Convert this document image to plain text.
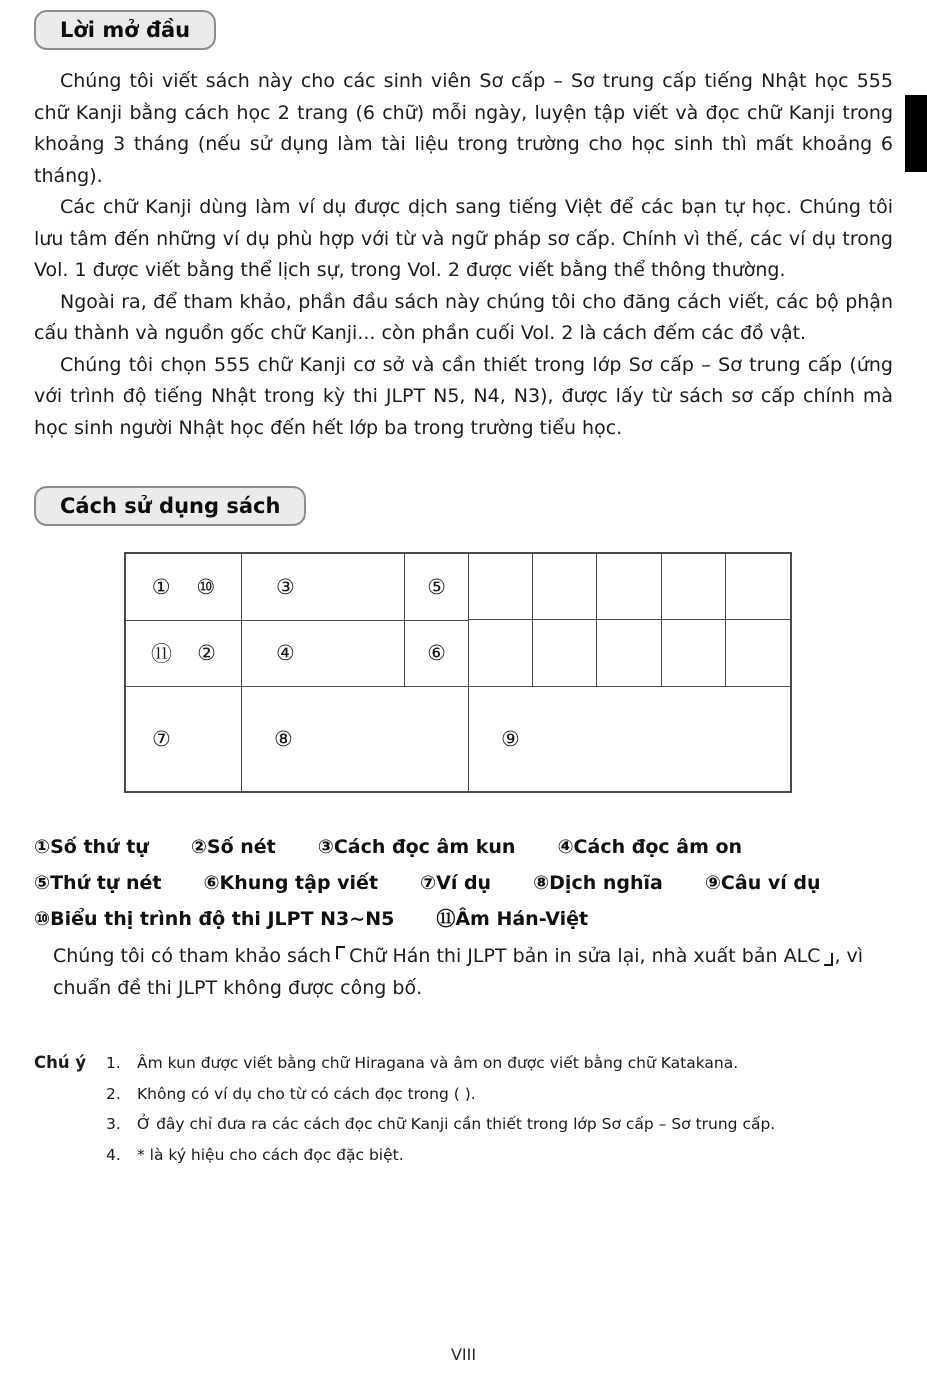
Lời mở đầu

Chúng tôi viết sách này cho các sinh viên Sơ cấp – Sơ trung cấp tiếng Nhật học 555 chữ Kanji bằng cách học 2 trang (6 chữ) mỗi ngày, luyện tập viết và đọc chữ Kanji trong khoảng 3 tháng (nếu sử dụng làm tài liệu trong trường cho học sinh thì mất khoảng 6 tháng).

Các chữ Kanji dùng làm ví dụ được dịch sang tiếng Việt để các bạn tự học. Chúng tôi lưu tâm đến những ví dụ phù hợp với từ và ngữ pháp sơ cấp. Chính vì thế, các ví dụ trong Vol. 1 được viết bằng thể lịch sự, trong Vol. 2 được viết bằng thể thông thường.

Ngoài ra, để tham khảo, phần đầu sách này chúng tôi cho đăng cách viết, các bộ phận cấu thành và nguồn gốc chữ Kanji... còn phần cuối Vol. 2 là cách đếm các đồ vật.

Chúng tôi chọn 555 chữ Kanji cơ sở và cần thiết trong lớp Sơ cấp – Sơ trung cấp (ứng với trình độ tiếng Nhật trong kỳ thi JLPT N5, N4, N3), được lấy từ sách sơ cấp chính mà học sinh người Nhật học đến hết lớp ba trong trường tiểu học.

Cách sử dụng sách
① ⑩
⑪ ②
③
④
⑤
⑥
⑦	⑧	⑨
①Số thứ tự ②Số nét ③Cách đọc âm kun ④Cách đọc âm on
⑤Thứ tự nét ⑥Khung tập viết ⑦Ví dụ ⑧Dịch nghĩa ⑨Câu ví dụ
⑩Biểu thị trình độ thi JLPT N3~N5 ⑪Âm Hán-Việt

Chúng tôi có tham khảo sách Chữ Hán thi JLPT bản in sửa lại, nhà xuất bản ALC , vì chuẩn đề thi JLPT không được công bố.

Chú ý	1.	Âm kun được viết bằng chữ Hiragana và âm on được viết bằng chữ Katakana.
2.	Không có ví dụ cho từ có cách đọc trong ( ).
3.	Ở đây chỉ đưa ra các cách đọc chữ Kanji cần thiết trong lớp Sơ cấp – Sơ trung cấp.
4.	* là ký hiệu cho cách đọc đặc biệt.
VIII
